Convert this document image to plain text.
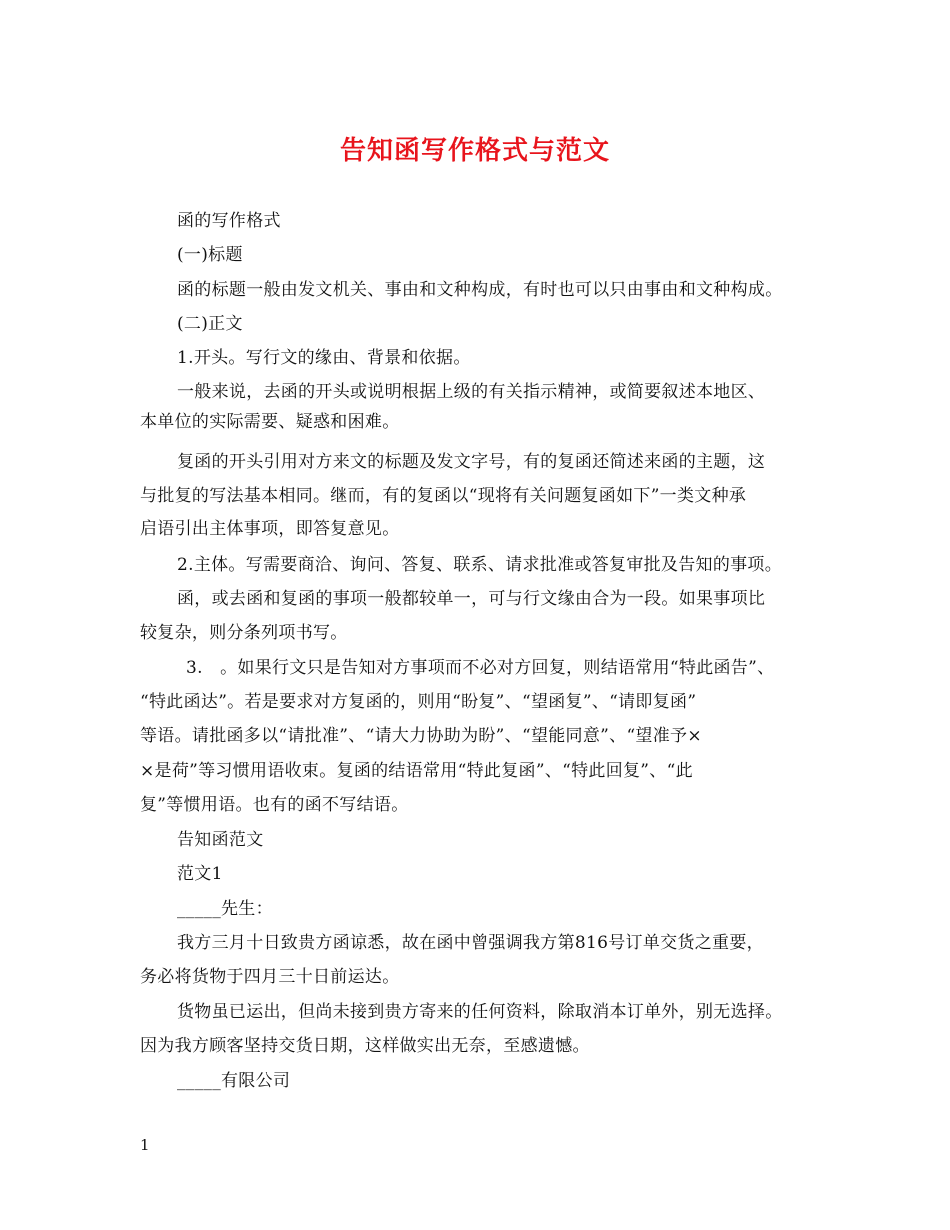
告知函写作格式与范文
函的写作格式
(一)标题
函的标题一般由发文机关、事由和文种构成，有时也可以只由事由和文种构成。
(二)正文
1.开头。写行文的缘由、背景和依据。
一般来说，去函的开头或说明根据上级的有关指示精神，或简要叙述本地区、
本单位的实际需要、疑惑和困难。
复函的开头引用对方来文的标题及发文字号，有的复函还简述来函的主题，这
与批复的写法基本相同。继而，有的复函以“现将有关问题复函如下”一类文种承
启语引出主体事项，即答复意见。
2.主体。写需要商洽、询问、答复、联系、请求批准或答复审批及告知的事项。
函，或去函和复函的事项一般都较单一，可与行文缘由合为一段。如果事项比
较复杂，则分条列项书写。
3.　。如果行文只是告知对方事项而不必对方回复，则结语常用“特此函告”、
“特此函达”。若是要求对方复函的，则用“盼复”、“望函复”、“请即复函”
等语。请批函多以“请批准”、“请大力协助为盼”、“望能同意”、“望准予×
×是荷”等习惯用语收束。复函的结语常用“特此复函”、“特此回复”、“此
复”等惯用语。也有的函不写结语。
告知函范文
范文1
_____先生：
我方三月十日致贵方函谅悉，故在函中曾强调我方第816号订单交货之重要，
务必将货物于四月三十日前运达。
货物虽已运出，但尚未接到贵方寄来的任何资料，除取消本订单外，别无选择。
因为我方顾客坚持交货日期，这样做实出无奈，至感遗憾。
_____有限公司
1
